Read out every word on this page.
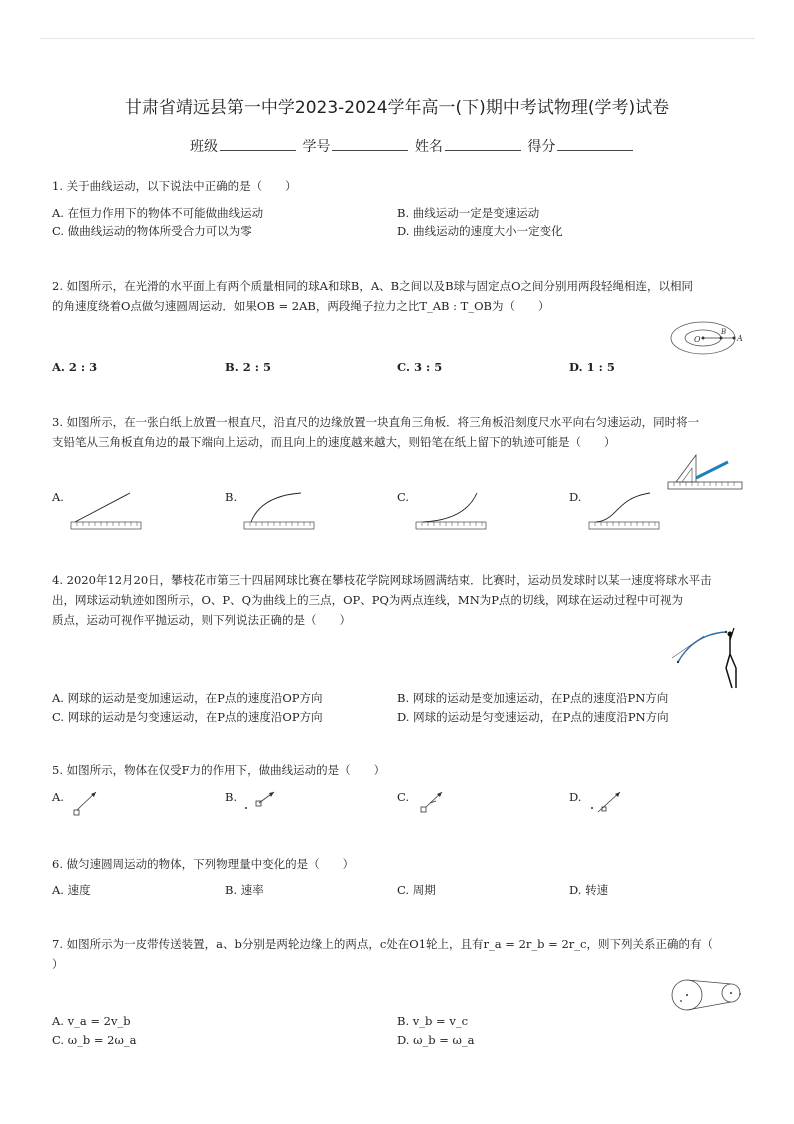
甘肃省靖远县第一中学2023-2024学年高一(下)期中考试物理(学考)试卷
班级	学号	姓名	得分
1. 关于曲线运动，以下说法中正确的是（　　）
A. 在恒力作用下的物体不可能做曲线运动	B. 曲线运动一定是变速运动
C. 做曲线运动的物体所受合力可以为零	D. 曲线运动的速度大小一定变化
2. 如图所示，在光滑的水平面上有两个质量相同的球A和球B，A、B之间以及B球与固定点O之间分别用两段轻绳相连，以相同
的角速度绕着O点做匀速圆周运动．如果OB = 2AB，两段绳子拉力之比T_AB : T_OB为（　　）
O
B
A
A. 2 : 3	B. 2 : 5	C. 3 : 5	D. 1 : 5
3. 如图所示，在一张白纸上放置一根直尺，沿直尺的边缘放置一块直角三角板．将三角板沿刻度尺水平向右匀速运动，同时将一
支铅笔从三角板直角边的最下端向上运动，而且向上的速度越来越大，则铅笔在纸上留下的轨迹可能是（　　）
A.	B.	C.	D.
4. 2020年12月20日，攀枝花市第三十四届网球比赛在攀枝花学院网球场圆满结束．比赛时，运动员发球时以某一速度将球水平击
出，网球运动轨迹如图所示，O、P、Q为曲线上的三点，OP、PQ为两点连线，MN为P点的切线，网球在运动过程中可视为
质点，运动可视作平抛运动，则下列说法正确的是（　　）
A. 网球的运动是变加速运动，在P点的速度沿OP方向	B. 网球的运动是变加速运动，在P点的速度沿PN方向
C. 网球的运动是匀变速运动，在P点的速度沿OP方向	D. 网球的运动是匀变速运动，在P点的速度沿PN方向
5. 如图所示，物体在仅受F力的作用下，做曲线运动的是（　　）
A.	B.	C.	D.
6. 做匀速圆周运动的物体，下列物理量中变化的是（　　）
A. 速度	B. 速率	C. 周期	D. 转速
7. 如图所示为一皮带传送装置，a、b分别是两轮边缘上的两点，c处在O1轮上，且有r_a = 2r_b = 2r_c，则下列关系正确的有（
）
A. v_a = 2v_b	B. v_b = v_c
C. ω_b = 2ω_a	D. ω_b = ω_a
